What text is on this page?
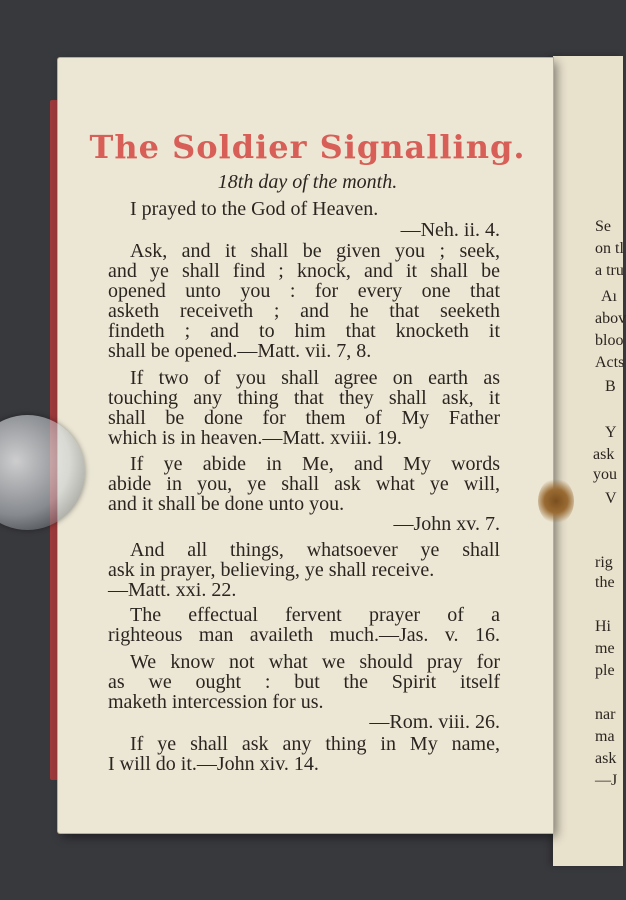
Se
on tl
a tru
Aı
abov
bloo
Acts
B
Y
ask
you
V
rig
the
Hi
me
ple
nar
ma
ask
—J
The Soldier Signalling.
18th day of the month.
I prayed to the God of Heaven.
—Neh. ii. 4.
Ask, and it shall be given you ; seek,
and ye shall find ; knock, and it shall be
opened unto you : for every one that
asketh receiveth ; and he that seeketh
findeth ; and to him that knocketh it
shall be opened.—Matt. vii. 7, 8.
If two of you shall agree on earth as
touching any thing that they shall ask, it
shall be done for them of My Father
which is in heaven.—Matt. xviii. 19.
If ye abide in Me, and My words
abide in you, ye shall ask what ye will,
and it shall be done unto you.
—John xv. 7.
And all things, whatsoever ye shall
ask in prayer, believing, ye shall receive.
—Matt. xxi. 22.
The effectual fervent prayer of a
righteous man availeth much.—Jas. v. 16.
We know not what we should pray for
as we ought : but the Spirit itself
maketh intercession for us.
—Rom. viii. 26.
If ye shall ask any thing in My name,
I will do it.—John xiv. 14.
